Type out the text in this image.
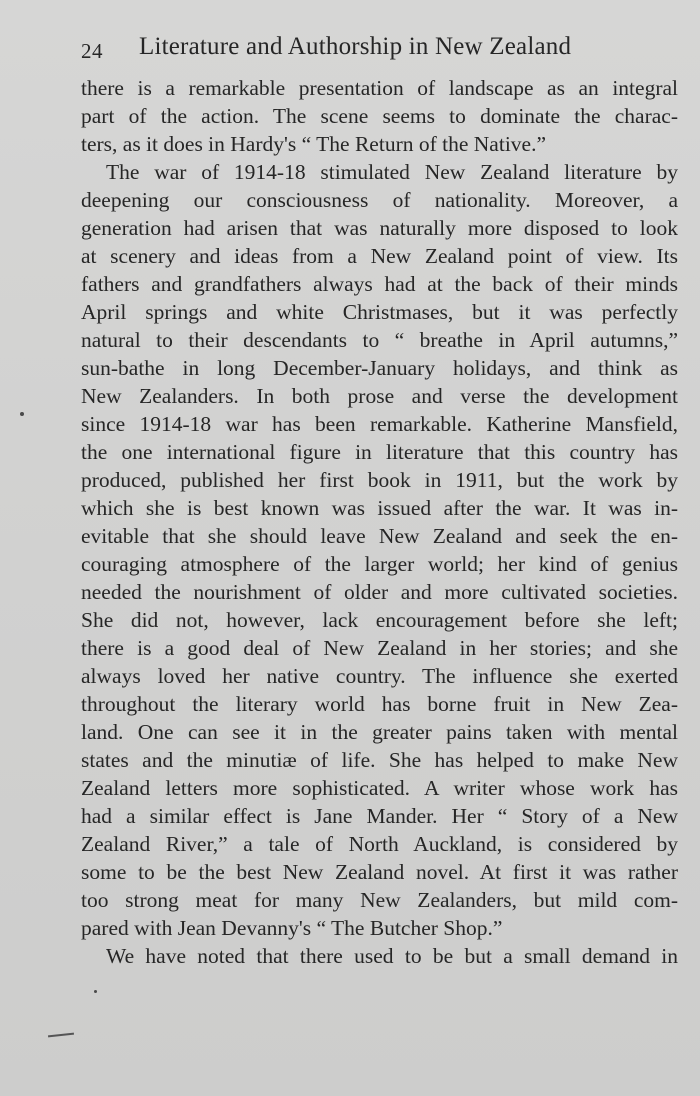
24 Literature and Authorship in New Zealand
there is a remarkable presentation of landscape as an integral
part of the action. The scene seems to dominate the charac-
ters, as it does in Hardy's “ The Return of the Native.”
The war of 1914-18 stimulated New Zealand literature by
deepening our consciousness of nationality. Moreover, a
generation had arisen that was naturally more disposed to look
at scenery and ideas from a New Zealand point of view. Its
fathers and grandfathers always had at the back of their minds
April springs and white Christmases, but it was perfectly
natural to their descendants to “ breathe in April autumns,”
sun-bathe in long December-January holidays, and think as
New Zealanders. In both prose and verse the development
since 1914-18 war has been remarkable. Katherine Mansfield,
the one international figure in literature that this country has
produced, published her first book in 1911, but the work by
which she is best known was issued after the war. It was in-
evitable that she should leave New Zealand and seek the en-
couraging atmosphere of the larger world; her kind of genius
needed the nourishment of older and more cultivated societies.
She did not, however, lack encouragement before she left;
there is a good deal of New Zealand in her stories; and she
always loved her native country. The influence she exerted
throughout the literary world has borne fruit in New Zea-
land. One can see it in the greater pains taken with mental
states and the minutiæ of life. She has helped to make New
Zealand letters more sophisticated. A writer whose work has
had a similar effect is Jane Mander. Her “ Story of a New
Zealand River,” a tale of North Auckland, is considered by
some to be the best New Zealand novel. At first it was rather
too strong meat for many New Zealanders, but mild com-
pared with Jean Devanny's “ The Butcher Shop.”
We have noted that there used to be but a small demand in
